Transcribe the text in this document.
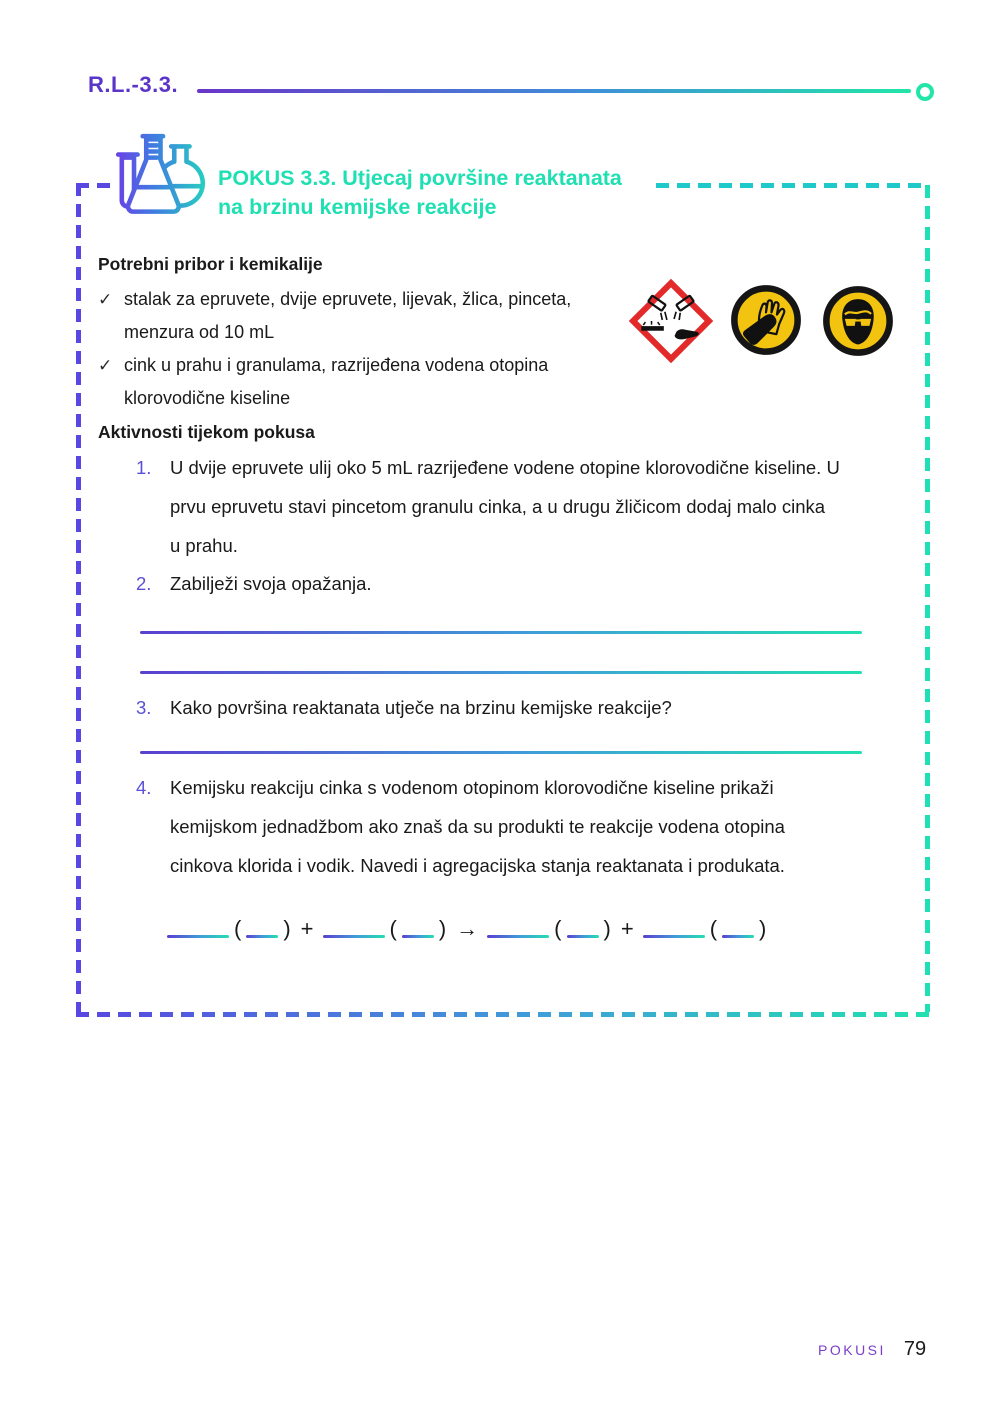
R.L.-3.3.
POKUS 3.3. Utjecaj površine reaktanata
na brzinu kemijske reakcije
Potrebni pribor i kemikalije
✓ stalak za epruvete, dvije epruvete, lijevak, žlica, pinceta,
menzura od 10 mL
✓ cink u prahu i granulama, razrijeđena vodena otopina
klorovodične kiseline
Aktivnosti tijekom pokusa
1.	U dvije epruvete ulij oko 5 mL razrijeđene vodene otopine klorovodične kiseline. U
prvu epruvetu stavi pincetom granulu cinka, a u drugu žličicom dodaj malo cinka
u prahu.
2.	Zabilježi svoja opažanja.
3.	Kako površina reaktanata utječe na brzinu kemijske reakcije?
4.	Kemijsku reakciju cinka s vodenom otopinom klorovodične kiseline prikaži
kemijskom jednadžbom ako znaš da su produkti te reakcije vodena otopina
cinkova klorida i vodik. Navedi i agregacijska stanja reaktanata i produkata.
( ) +	( ) →	( ) +	( )
POKUSI 79
